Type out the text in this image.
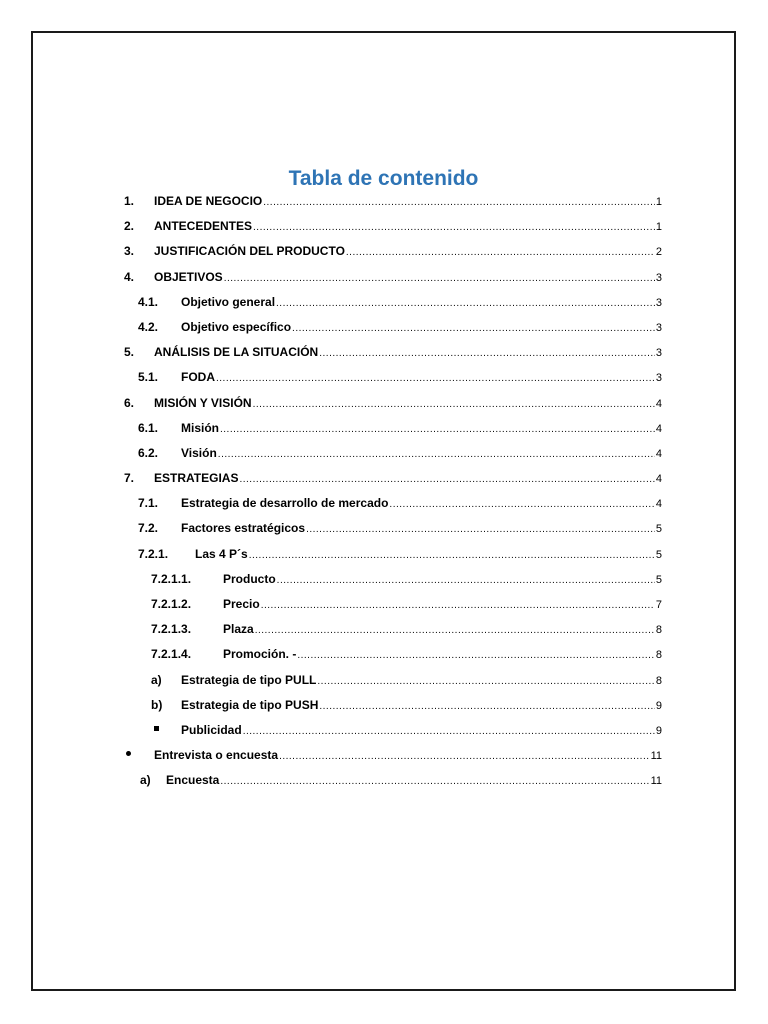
Tabla de contenido
1.	IDEA DE NEGOCIO .....	1
2.	ANTECEDENTES .....	1
3.	JUSTIFICACIÓN DEL PRODUCTO .....	2
4.	OBJETIVOS .....	3
4.1.	Objetivo general .....	3
4.2.	Objetivo específico .....	3
5.	ANÁLISIS DE LA SITUACIÓN .....	3
5.1.	FODA .....	3
6.	MISIÓN Y VISIÓN .....	4
6.1.	Misión .....	4
6.2.	Visión .....	4
7.	ESTRATEGIAS .....	4
7.1.	Estrategia de desarrollo de mercado .....	4
7.2.	Factores estratégicos .....	5
7.2.1.	Las 4 P´s .....	5
7.2.1.1.	Producto .....	5
7.2.1.2.	Precio .....	7
7.2.1.3.	Plaza .....	8
7.2.1.4.	Promoción. - .....	8
a)	Estrategia de tipo PULL .....	8
b)	Estrategia de tipo PUSH .....	9
Publicidad .....	9
Entrevista o encuesta .....	11
a)	Encuesta .....	11
